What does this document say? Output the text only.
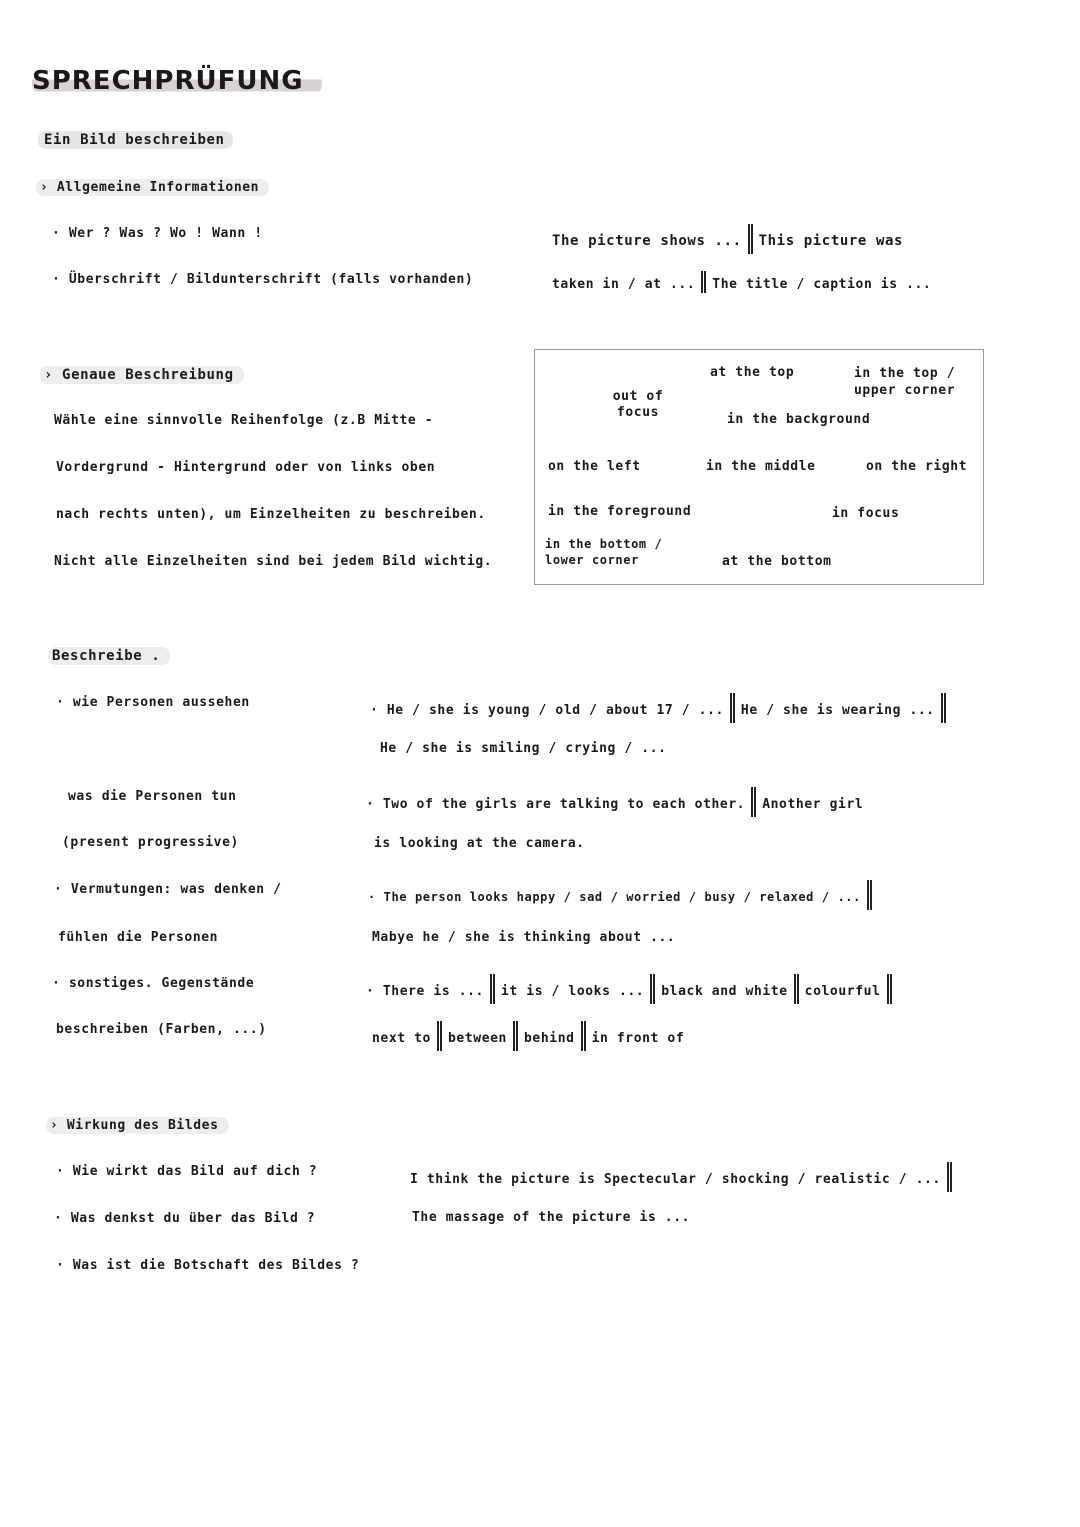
SPRECHPRÜFUNG
Ein Bild beschreiben
› Allgemeine Informationen
· Wer ? Was ? Wo ! Wann !
· Überschrift / Bildunterschrift (falls vorhanden)
The picture shows ... This picture was
taken in / at ... The title / caption is ...
› Genaue Beschreibung
Wähle eine sinnvolle Reihenfolge (z.B Mitte -
Vordergrund - Hintergrund oder von links oben
nach rechts unten), um Einzelheiten zu beschreiben.
Nicht alle Einzelheiten sind bei jedem Bild wichtig.
at the top	in the top / upper corner
out of focus	in the background
on the left	in the middle	on the right
in the foreground	in focus
in the bottom / lower corner	at the bottom
Beschreibe .
· wie Personen aussehen
· He / she is young / old / about 17 / ... He / she is wearing ...
He / she is smiling / crying / ...
was die Personen tun
(present progressive)
· Two of the girls are talking to each other. Another girl
is looking at the camera.
· Vermutungen: was denken /
fühlen die Personen
· The person looks happy / sad / worried / busy / relaxed / ...
Mabye he / she is thinking about ...
· sonstiges. Gegenstände
beschreiben (Farben, ...)
· There is ... it is / looks ... black and white colourful
next to between behind in front of
› Wirkung des Bildes
· Wie wirkt das Bild auf dich ?
· Was denkst du über das Bild ?
· Was ist die Botschaft des Bildes ?
I think the picture is Spectecular / shocking / realistic / ...
The massage of the picture is ...
